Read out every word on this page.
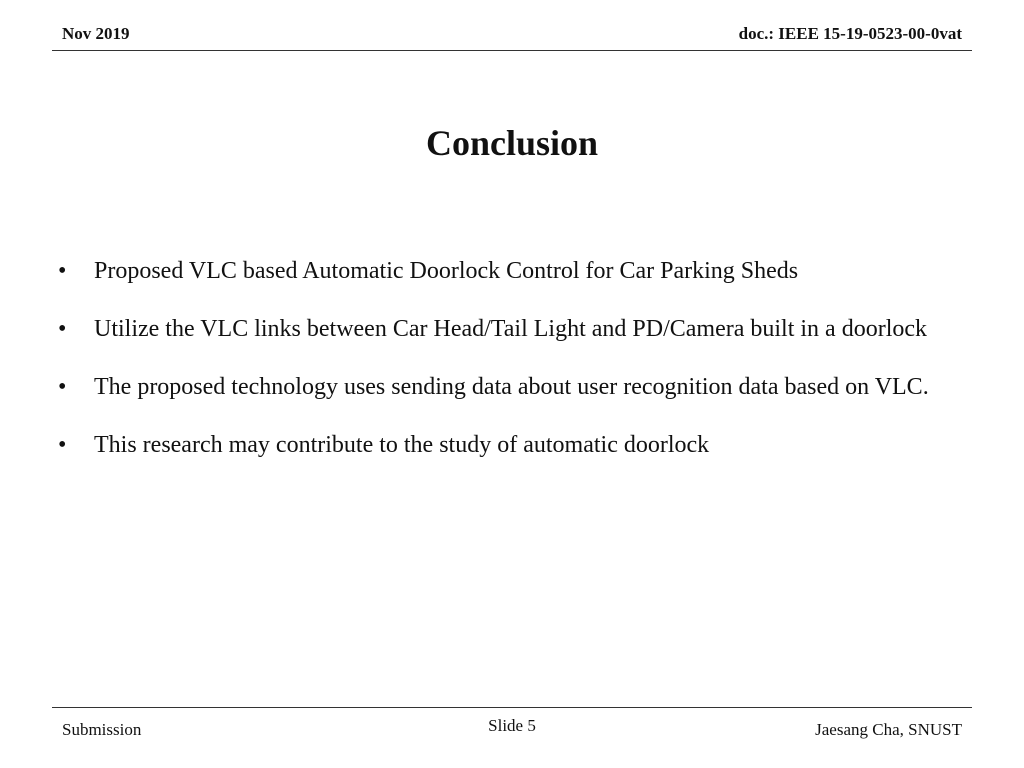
Nov 2019	doc.: IEEE 15-19-0523-00-0vat
Conclusion
•	Proposed VLC based Automatic Doorlock Control for Car Parking Sheds
•	Utilize the VLC links between Car Head/Tail Light and PD/Camera built in a doorlock
•	The proposed technology uses sending data about user recognition data based on VLC.
•	This research may contribute to the study of automatic doorlock
Submission	Slide 5	Jaesang Cha, SNUST
